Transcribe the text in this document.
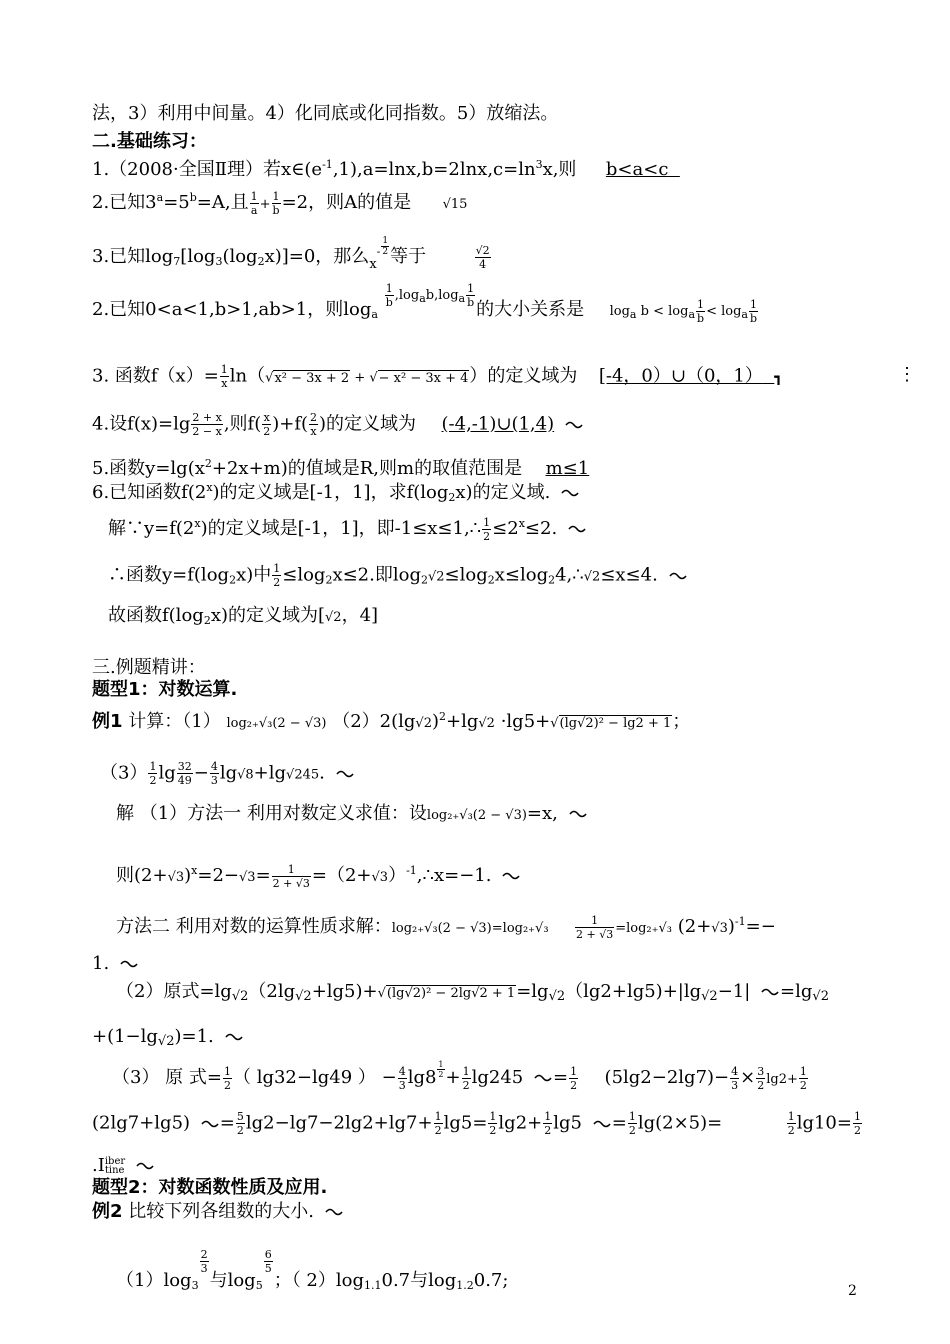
法，3）利用中间量。4）化同底或化同指数。5）放缩法。
二.基础练习：
1.（2008·全国Ⅱ理）若$x\in(e^{-1},1),a=\ln x,b=2\ln x,c=\ln^3x$,则 b<a<c
2.已知$3^a=5^b=A$,且 $\frac{1}{a} + \frac{1}{b} =2$，则A的值是 √15
3.已知$\log_7[\log_3(\log_2x)]=0$，那么$_x^- \frac{1}{2}$ 等于	$\frac{√2}{4}$
2.已知0<a<1,b>1,ab>1，则$\log_a$
$^{\frac{1}{b} ,log_ab,log_a \frac{1}{b}}$
的大小关系是 $\log_a b < \log_a \frac{1}{b} < \log_a \frac{1}{b}$
3. 函数$f(x)= \frac{1}{x} \ln(√x^2 - 3x + 2$ + √− x² − 3x + 4）的定义域为 [-4，0）∪（0，1） ┓	⋮
4.设$f(x)=\lg \frac{2 + x}{2 - x}$ ,则$f( \frac{x}{2} )+f( \frac{2}{x}$ )的定义域为 (-4,-1)∪(1,4)
5.函数$y=\lg(x^2+2x+m)$的值域是R,则m的取值范围是 m≤1
6.已知函数f(2$^x$)的定义域是[-1，1]，求$f(\log_2x)$的定义域.
解$\because y=f(2^x)$的定义域是[-1，1]，即-1≤x≤1,∴ $\frac{1}{2} \le 2^x\le 2$.
∴函数$y=f(\log_2x)$中 $\frac{1}{2} \le\log_2x\le 2$.即$\log_2√2\le\log_2x\le\log_24,\therefore√2\le x\le 4$.
故函数$f(\log_2x)$的定义域为[√2，4]
三.例题精讲：
题型1：对数运算.
例1 计算：（1） log₂₊√₃(2 − √3) $(2)2(\lg√2)^2+\lg√2 \cdot\lg 5+√(\lg√2)^2 - \lg 2 + 1$；
$(3) \frac{1}{2}$ $\lg \frac{32}{49} - \frac{4}{3} \lg√8+\lg√245$.
解 （1）方法一 利用对数定义求值：设log₂₊√₃(2 − √3)=x,
则$(2+√3)^x=2-√3= \frac{1}{2 + √3}$ $=(2+√3)^{-1},\therefore x=-1$.
方法二 利用对数的运算性质求解：$\log_{2+}√_3(2 - √3)=\log_{2+}√_3 \frac{1}{2 + √3} =\log_{2+}√_3$ $(2+√3)^{-1}=-$
1.
（2）原式$=\lg_{√2}(2\lg_{√2}+\lg 5)+√(\lg√2)^2 - 2\lg√2 + 1=\lg_{√2}(\lg 2+\lg 5)+|\lg_{√2}-1| =\lg_{√2}$
$+(1-\lg_{√2})=1$.
（3） 原 式= $\frac{1}{2}$ （ lg32−lg49 ） − $\frac{4}{3} \lg 8 \frac{1}{2} + \frac{1}{2} \lg 245 = \frac{1}{2} (5\lg 2-2\lg 7)- \frac{4}{3} \times \frac{3}{2} \lg 2+ \frac{1}{2}$
$(2\lg 7+\lg 5) = \frac{5}{2} \lg 2-\lg 7-2\lg 2+\lg 7+ \frac{1}{2} \lg 5= \frac{1}{2} \lg 2+ \frac{1}{2} \lg 5 = \frac{1}{2} \lg(2\times 5)=$	$\frac{1}{2} \lg 10= \frac{1}{2}$
.I iber
tine

题型2：对数函数性质及应用.
例2 比较下列各组数的大小.
$(1)\log_3$
$\frac{2}{3}$
与$\log_5$
$\frac{6}{5}$
；（ $2)\log_{1.1}0.7$与$\log_{1.2}0.7$;	2
